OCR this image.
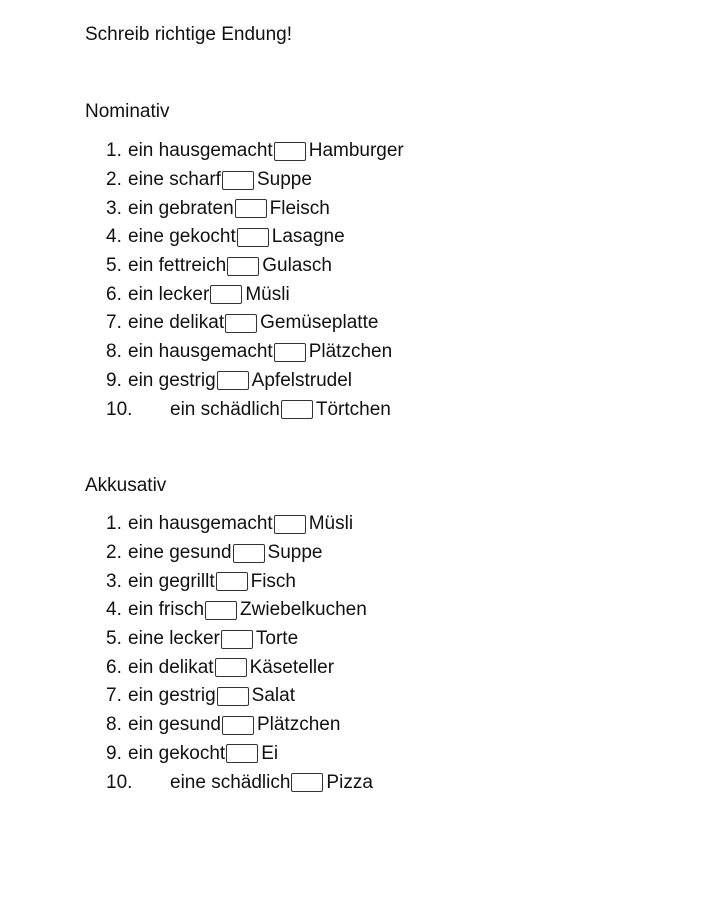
Schreib richtige Endung!
Nominativ
1. ein hausgemacht Hamburger
2. eine scharf Suppe
3. ein gebraten Fleisch
4. eine gekocht Lasagne
5. ein fettreich Gulasch
6. ein lecker Müsli
7. eine delikat Gemüseplatte
8. ein hausgemacht Plätzchen
9. ein gestrig Apfelstrudel
10.	ein schädlich Törtchen
Akkusativ
1. ein hausgemacht Müsli
2. eine gesund Suppe
3. ein gegrillt Fisch
4. ein frisch Zwiebelkuchen
5. eine lecker Torte
6. ein delikat Käseteller
7. ein gestrig Salat
8. ein gesund Plätzchen
9. ein gekocht Ei
10.	eine schädlich Pizza
